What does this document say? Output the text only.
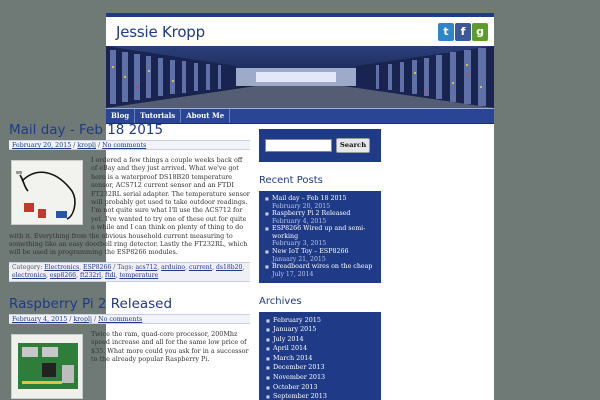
Jessie Kropp	t	f g
Blog	Tutorials	About Me
Mail day - Feb 18 2015
February 20, 2015 / kroplj / No comments
I ordered a few things a couple weeks back off of eBay and they just arrived. What we've got here is a waterproof DS18B20 temperature sensor, ACS712 current sensor and an FTDI FT232RL serial adapter. The temperature sensor will probably get used to take outdoor readings. I'm not quite sure what I'll use the ACS712 for yet. I've wanted to try one of these out for quite a while and I can think on plenty of thing to do with it. Everything from the obvious household current measuring to something like an easy doorbell ring detector. Lastly the FT232RL, which will be used in programming the ESP8266 modules.
Category: Electronics, ESP8266 / Tags: acs712, arduino, current, ds18b20, electronics, esp8266, ft232rl, ftdi, temperature
Raspberry Pi 2 Released
February 4, 2015 / kroplj / No comments
Twice the ram, quad-core processor, 200Mhz speed increase and all for the same low price of $35. What more could you ask for in a successor to the already popular Raspberry Pi.
Search
Recent Posts
■ Mail day – Feb 18 2015
February 20, 2015
■ Raspberry Pi 2 Released
February 4, 2015
■ ESP8266 Wired up and semi-working
February 3, 2015
■ New IoT Toy – ESP8266
January 21, 2015
■ Breadboard wires on the cheap
July 17, 2014
Archives
■ February 2015
■ January 2015
■ July 2014
■ April 2014
■ March 2014
■ December 2013
■ November 2013
■ October 2013
■ September 2013
